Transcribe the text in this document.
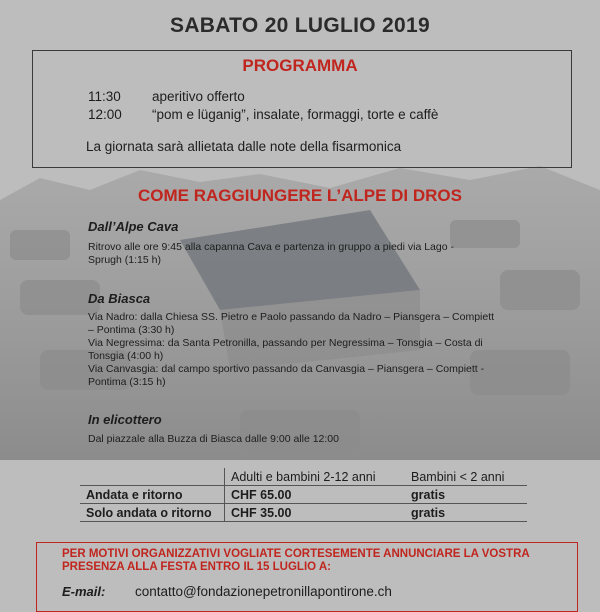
SABATO 20 LUGLIO 2019
PROGRAMMA
11:30 aperitivo offerto
12:00 “pom e lüganig”, insalate, formaggi, torte e caffè
La giornata sarà allietata dalle note della fisarmonica
COME RAGGIUNGERE L’ALPE DI DROS
Dall’Alpe Cava
Ritrovo alle ore 9:45 alla capanna Cava e partenza in gruppo a piedi via Lago -
Sprugh (1:15 h)
Da Biasca
Via Nadro: dalla Chiesa SS. Pietro e Paolo passando da Nadro – Piansgera – Compiett
– Pontima (3:30 h)
Via Negressima: da Santa Petronilla, passando per Negressima – Tonsgia – Costa di
Tonsgia (4:00 h)
Via Canvasgia: dal campo sportivo passando da Canvasgia – Piansgera – Compiett -
Pontima (3:15 h)
In elicottero
Dal piazzale alla Buzza di Biasca dalle 9:00 alle 12:00
	Adulti e bambini 2-12 anni	Bambini < 2 anni
Andata e ritorno	CHF 65.00	gratis
Solo andata o ritorno	CHF 35.00	gratis
PER MOTIVI ORGANIZZATIVI VOGLIATE CORTESEMENTE ANNUNCIARE LA VOSTRA
PRESENZA ALLA FESTA ENTRO IL 15 LUGLIO A:
E-mail: contatto@fondazionepetronillapontirone.ch
